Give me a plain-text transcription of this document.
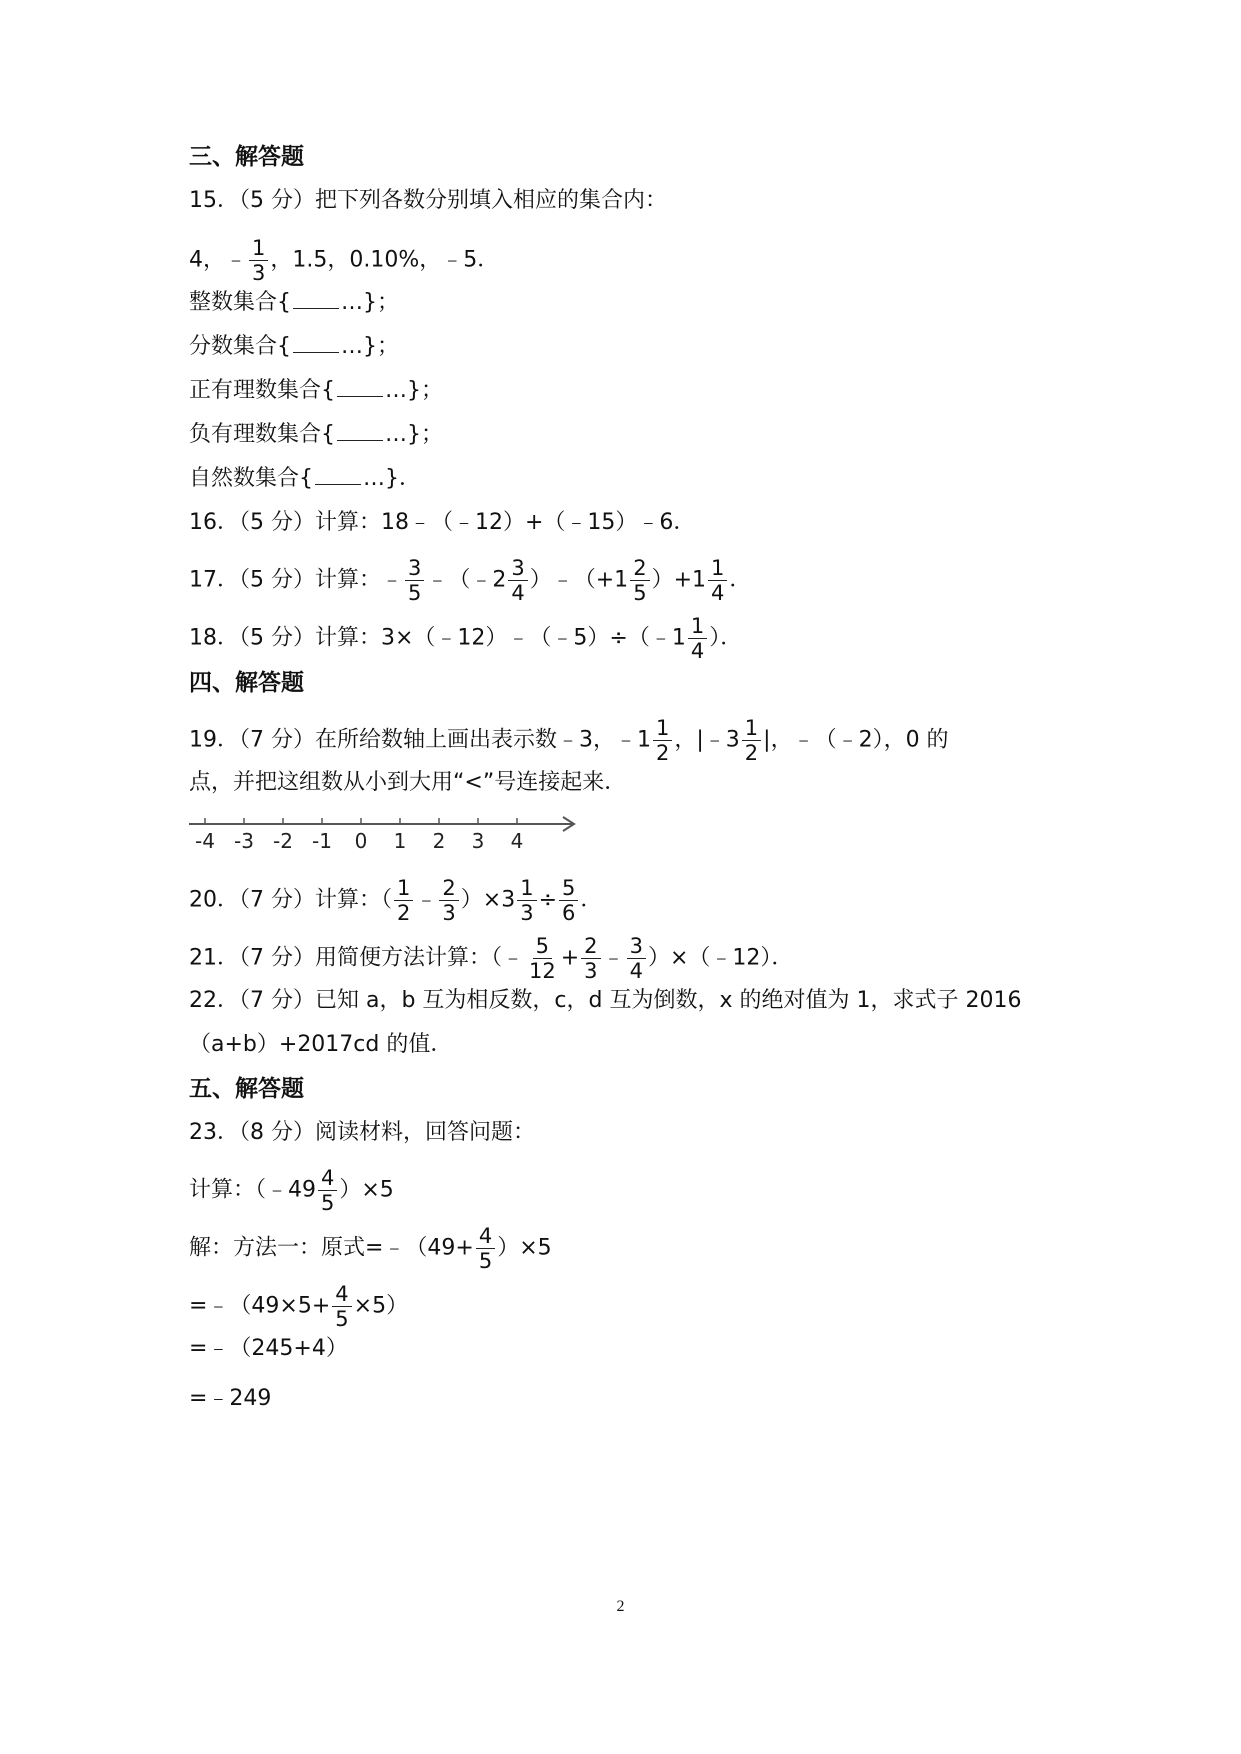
三、解答题
15．（5 分）把下列各数分别填入相应的集合内：
4，﹣ $\frac{1}{3}$ ，1.5，0.10%，﹣5．
整数集合{ …}；
分数集合{ …}；
正有理数集合{ …}；
负有理数集合{ …}；
自然数集合{ …}．
16．（5 分）计算：18﹣（﹣12）+（﹣15）﹣6．
17．（5 分）计算：﹣ $\frac{3}{5}$ ﹣（﹣2 $\frac{3}{4}$ ）﹣（+1 $\frac{2}{5} )+1 \frac{1}{4}$ ．
18．（5 分）计算：3×（﹣12）﹣（﹣5）÷（﹣1 $\frac{1}{4}$ ）．
四、解答题
19．（7 分）在所给数轴上画出表示数﹣3，﹣1 $\frac{1}{2}$ ，|﹣3 $\frac{1}{2}$ |，﹣（﹣2），0 的
点，并把这组数从小到大用“<”号连接起来．
-4 -3 -2 -1 0 1 2 3 4
20．（7 分）计算：（ $\frac{1}{2}$ ﹣ $\frac{2}{3} )\times 3 \frac{1}{3} \div \frac{5}{6}$ ．
21．（7 分）用简便方法计算：（﹣ $\frac{5}{12} + \frac{2}{3}$ ﹣ $\frac{3}{4}$ ）×（﹣12）．
22．（7 分）已知 a，b 互为相反数，c，d 互为倒数，x 的绝对值为 1，求式子 2016
（a+b）+2017cd 的值．
五、解答题
23．（8 分）阅读材料，回答问题：
计算：（﹣49 $\frac{4}{5} )\times 5$
解：方法一：原式=﹣（49+ $\frac{4}{5} )\times 5$
=﹣（49×5+ $\frac{4}{5} \times 5$）
=﹣（245+4）
=﹣249
2
